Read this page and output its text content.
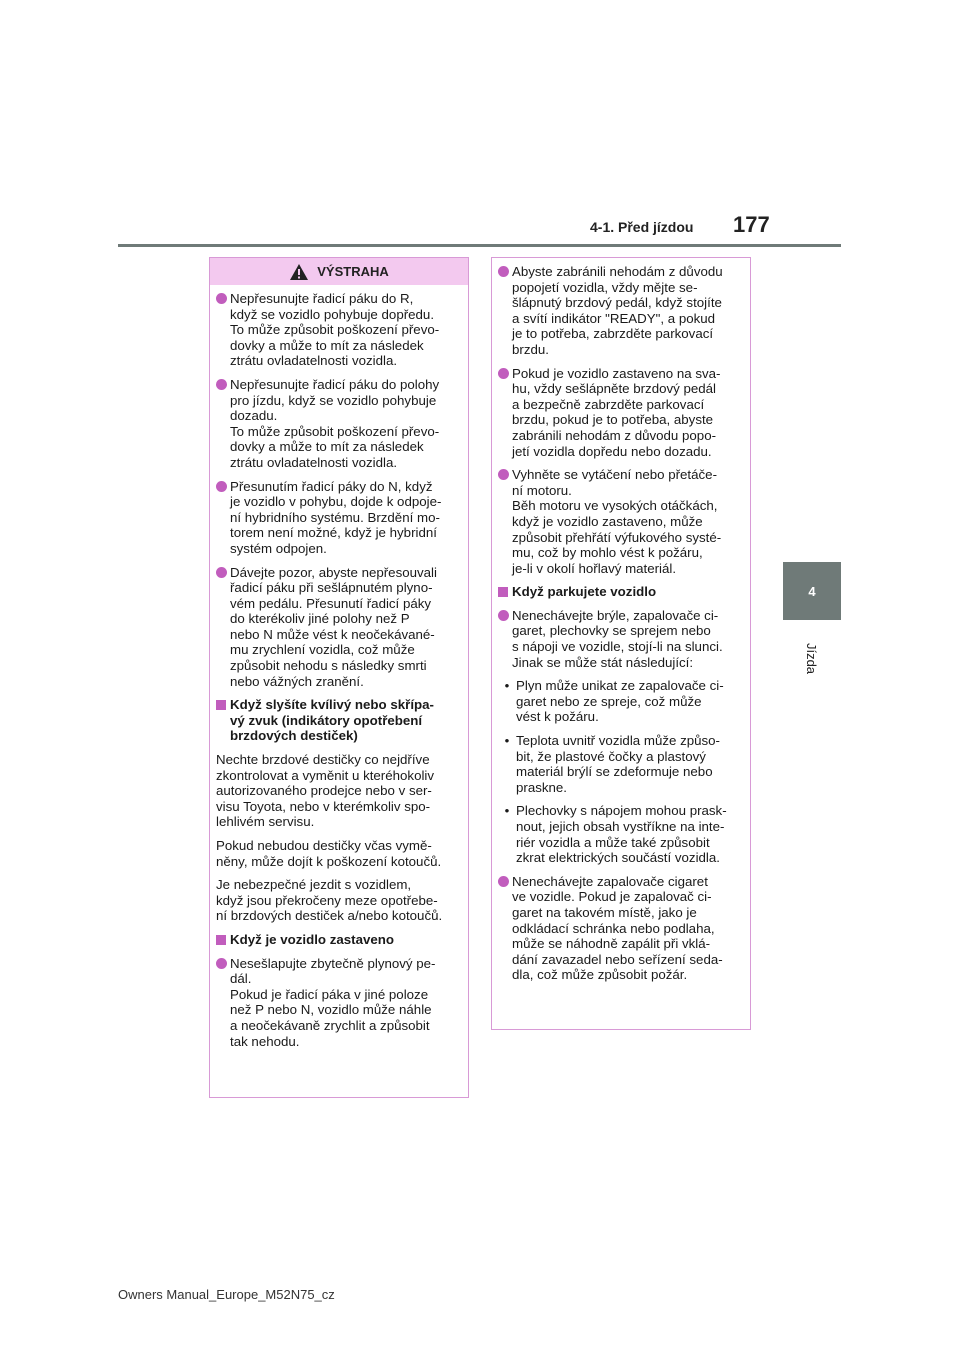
4-1. Před jízdou 177
4
Jízda
VÝSTRAHA
Nepřesunujte řadicí páku do R,
když se vozidlo pohybuje dopředu.
To může způsobit poškození převo-
dovky a může to mít za následek
ztrátu ovladatelnosti vozidla.
Nepřesunujte řadicí páku do polohy
pro jízdu, když se vozidlo pohybuje
dozadu.
To může způsobit poškození převo-
dovky a může to mít za následek
ztrátu ovladatelnosti vozidla.
Přesunutím řadicí páky do N, když
je vozidlo v pohybu, dojde k odpoje-
ní hybridního systému. Brzdění mo-
torem není možné, když je hybridní
systém odpojen.
Dávejte pozor, abyste nepřesouvali
řadicí páku při sešlápnutém plyno-
vém pedálu. Přesunutí řadicí páky
do kterékoliv jiné polohy než P
nebo N může vést k neočekávané-
mu zrychlení vozidla, což může
způsobit nehodu s následky smrti
nebo vážných zranění.
Když slyšíte kvílivý nebo skřípa-
vý zvuk (indikátory opotřebení
brzdových destiček)
Nechte brzdové destičky co nejdříve
zkontrolovat a vyměnit u kteréhokoliv
autorizovaného prodejce nebo v ser-
visu Toyota, nebo v kterémkoliv spo-
lehlivém servisu.
Pokud nebudou destičky včas vymě-
něny, může dojít k poškození kotoučů.
Je nebezpečné jezdit s vozidlem,
když jsou překročeny meze opotřebe-
ní brzdových destiček a/nebo kotoučů.
Když je vozidlo zastaveno
Nesešlapujte zbytečně plynový pe-
dál.
Pokud je řadicí páka v jiné poloze
než P nebo N, vozidlo může náhle
a neočekávaně zrychlit a způsobit
tak nehodu.
Abyste zabránili nehodám z důvodu
popojetí vozidla, vždy mějte se-
šlápnutý brzdový pedál, když stojíte
a svítí indikátor "READY", a pokud
je to potřeba, zabrzděte parkovací
brzdu.
Pokud je vozidlo zastaveno na sva-
hu, vždy sešlápněte brzdový pedál
a bezpečně zabrzděte parkovací
brzdu, pokud je to potřeba, abyste
zabránili nehodám z důvodu popo-
jetí vozidla dopředu nebo dozadu.
Vyhněte se vytáčení nebo přetáče-
ní motoru.
Běh motoru ve vysokých otáčkách,
když je vozidlo zastaveno, může
způsobit přehřátí výfukového systé-
mu, což by mohlo vést k požáru,
je-li v okolí hořlavý materiál.
Když parkujete vozidlo
Nenechávejte brýle, zapalovače ci-
garet, plechovky se sprejem nebo
s nápoji ve vozidle, stojí-li na slunci.
Jinak se může stát následující:
• Plyn může unikat ze zapalovače ci-
garet nebo ze spreje, což může
vést k požáru.
• Teplota uvnitř vozidla může způso-
bit, že plastové čočky a plastový
materiál brýlí se zdeformuje nebo
praskne.
• Plechovky s nápojem mohou prask-
nout, jejich obsah vystříkne na inte-
riér vozidla a může také způsobit
zkrat elektrických součástí vozidla.
Nenechávejte zapalovače cigaret
ve vozidle. Pokud je zapalovač ci-
garet na takovém místě, jako je
odkládací schránka nebo podlaha,
může se náhodně zapálit při vklá-
dání zavazadel nebo seřízení seda-
dla, což může způsobit požár.
Owners Manual_Europe_M52N75_cz
